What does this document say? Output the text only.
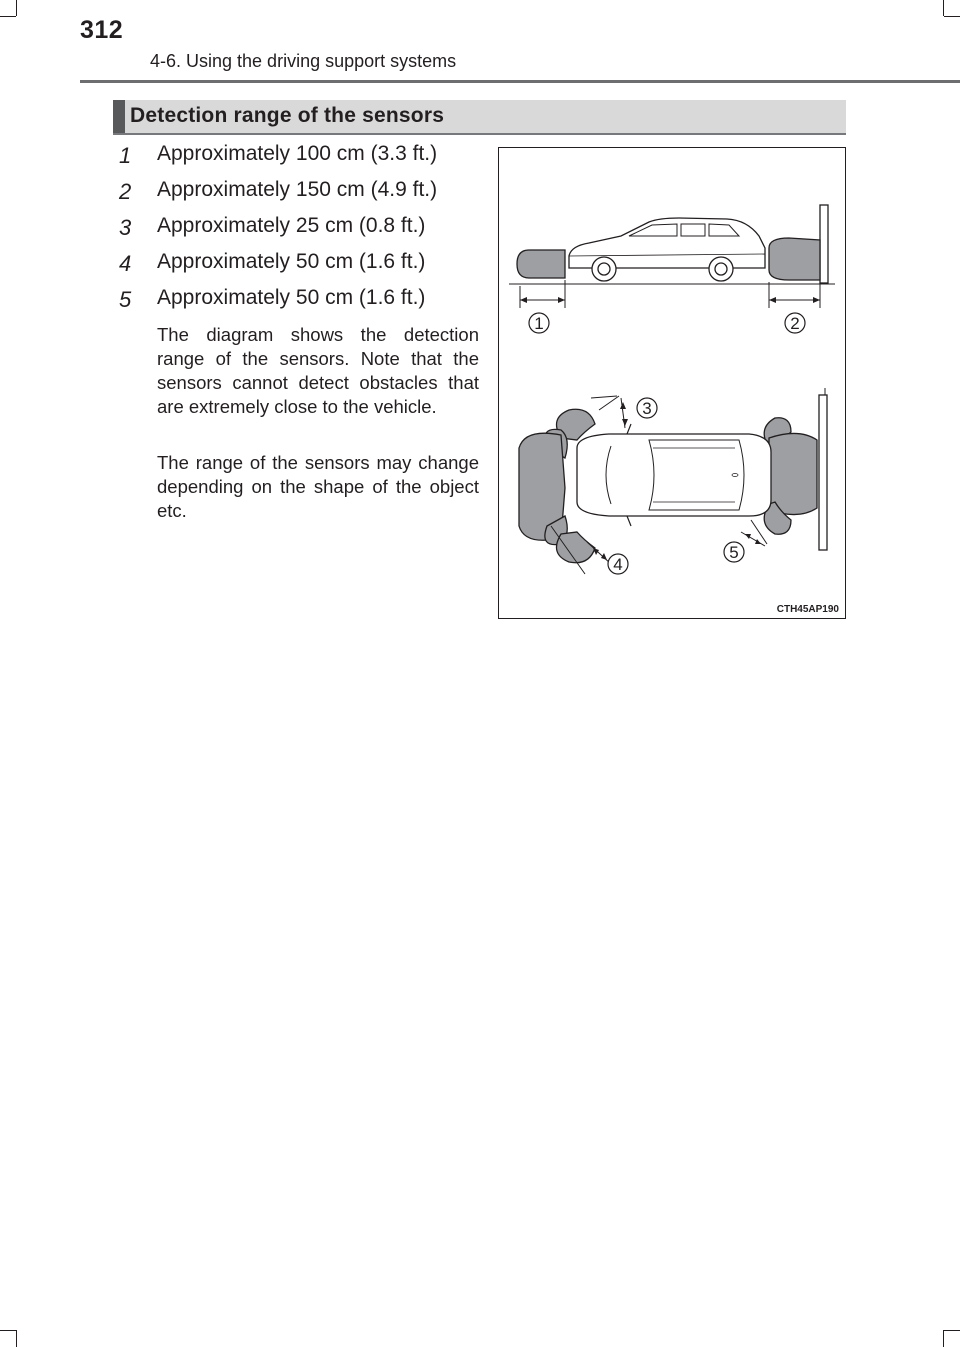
312
4-6. Using the driving support systems
Detection range of the sensors
1 Approximately 100 cm (3.3 ft.)
2 Approximately 150 cm (4.9 ft.)
3 Approximately 25 cm (0.8 ft.)
4 Approximately 50 cm (1.6 ft.)
5 Approximately 50 cm (1.6 ft.)
The diagram shows the detection range of the sensors. Note that the sensors cannot detect obstacles that are extremely close to the vehicle.
The range of the sensors may change depending on the shape of the object etc.
1	2
3
4
5
CTH45AP190
